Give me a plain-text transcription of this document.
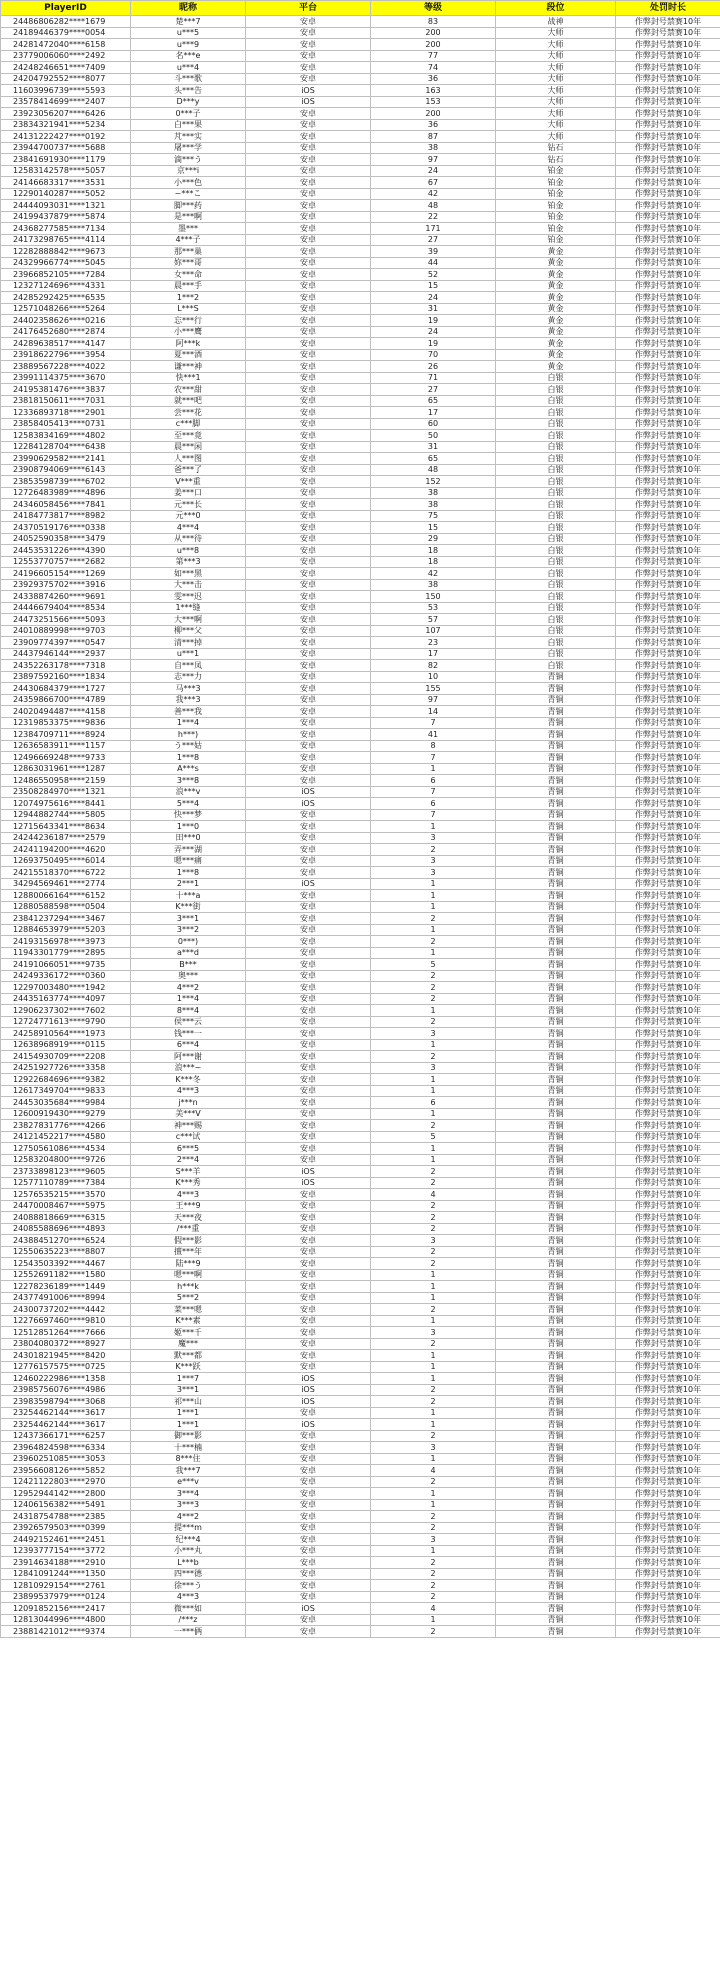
PlayerID	昵称	平台	等级	段位	处罚时长
24486806282****1679	楚***7	安卓	83	战神	作弊封号禁赛10年
24189446379****0054	u***5	安卓	200	大师	作弊封号禁赛10年
24281472040****6158	u***9	安卓	200	大师	作弊封号禁赛10年
23779006060****2492	名***e	安卓	77	大师	作弊封号禁赛10年
24248246651****7409	u***4	安卓	74	大师	作弊封号禁赛10年
24204792552****8077	斗***歌	安卓	36	大师	作弊封号禁赛10年
11603996739****5593	头***告	iOS	163	大师	作弊封号禁赛10年
23578414699****2407	D***y	iOS	153	大师	作弊封号禁赛10年
23923056207****6426	0***子	安卓	200	大师	作弊封号禁赛10年
23834321941****5234	白***果	安卓	36	大师	作弊封号禁赛10年
24131222427****0192	芃***实	安卓	87	大师	作弊封号禁赛10年
23944700737****5688	屠***学	安卓	38	钻石	作弊封号禁赛10年
23841691930****1179	滴***う	安卓	97	钻石	作弊封号禁赛10年
12583142578****5057	京***i	安卓	24	铂金	作弊封号禁赛10年
24146683317****3531	小***色	安卓	67	铂金	作弊封号禁赛10年
12290140287****5052	~***こ	安卓	42	铂金	作弊封号禁赛10年
24444093031****1321	脚***药	安卓	48	铂金	作弊封号禁赛10年
24199437879****5874	是***啊	安卓	22	铂金	作弊封号禁赛10年
24368277585****7134	墨***	安卓	171	铂金	作弊封号禁赛10年
24173298765****4114	4***子	安卓	27	铂金	作弊封号禁赛10年
12282888842****9673	那***巢	安卓	39	黄金	作弊封号禁赛10年
24329966774****5045	妳***哥	安卓	44	黄金	作弊封号禁赛10年
23966852105****7284	女***命	安卓	52	黄金	作弊封号禁赛10年
12327124696****4331	晨***手	安卓	15	黄金	作弊封号禁赛10年
24285292425****6535	1***2	安卓	24	黄金	作弊封号禁赛10年
12571048266****5264	L***S	安卓	31	黄金	作弊封号禁赛10年
24402358626****0216	忘***行	安卓	19	黄金	作弊封号禁赛10年
24176452680****2874	小***鹰	安卓	24	黄金	作弊封号禁赛10年
24289638517****4147	阿***k	安卓	19	黄金	作弊封号禁赛10年
23918622796****3954	夏***酒	安卓	70	黄金	作弊封号禁赛10年
23889567228****4022	谦***神	安卓	26	黄金	作弊封号禁赛10年
23991114375****3670	快***1	安卓	71	白银	作弊封号禁赛10年
24195381476****3837	农***甜	安卓	27	白银	作弊封号禁赛10年
23818150611****7031	就***吧	安卓	65	白银	作弊封号禁赛10年
12336893718****2901	尝***花	安卓	17	白银	作弊封号禁赛10年
23858405413****0731	c***脚	安卓	60	白银	作弊封号禁赛10年
12583834169****4802	至***竟	安卓	50	白银	作弊封号禁赛10年
12284128704****6438	晨***闲	安卓	31	白银	作弊封号禁赛10年
23990629582****2141	人***图	安卓	65	白银	作弊封号禁赛10年
23908794069****6143	爸***了	安卓	48	白银	作弊封号禁赛10年
23853598739****6702	V***重	安卓	152	白银	作弊封号禁赛10年
12726483989****4896	姜***口	安卓	38	白银	作弊封号禁赛10年
24346058456****7841	元***长	安卓	38	白银	作弊封号禁赛10年
24184773817****8982	元***0	安卓	75	白银	作弊封号禁赛10年
24370519176****0338	4***4	安卓	15	白银	作弊封号禁赛10年
24052590358****3479	从***待	安卓	29	白银	作弊封号禁赛10年
24453531226****4390	u***8	安卓	18	白银	作弊封号禁赛10年
12553770757****2682	第***3	安卓	18	白银	作弊封号禁赛10年
24196605154****1269	如***黑	安卓	42	白银	作弊封号禁赛10年
23929375702****3916	大***击	安卓	38	白银	作弊封号禁赛10年
24338874260****9691	雯***迟	安卓	150	白银	作弊封号禁赛10年
24446679404****8534	1***缝	安卓	53	白银	作弊封号禁赛10年
24473251566****5093	大***啊	安卓	57	白银	作弊封号禁赛10年
24010889998****9703	柳***父	安卓	107	白银	作弊封号禁赛10年
23909774397****0547	清***掉	安卓	23	白银	作弊封号禁赛10年
24437946144****2937	u***1	安卓	17	白银	作弊封号禁赛10年
24352263178****7318	自***凤	安卓	82	白银	作弊封号禁赛10年
23897592160****1834	志***力	安卓	10	青铜	作弊封号禁赛10年
24430684379****1727	马***3	安卓	155	青铜	作弊封号禁赛10年
24359866700****4789	我***3	安卓	97	青铜	作弊封号禁赛10年
24020494487****4158	善***我	安卓	14	青铜	作弊封号禁赛10年
12319853375****9836	1***4	安卓	7	青铜	作弊封号禁赛10年
12384709711****8924	h***)	安卓	41	青铜	作弊封号禁赛10年
12636583911****1157	う***姑	安卓	8	青铜	作弊封号禁赛10年
12496669248****9733	1***8	安卓	7	青铜	作弊封号禁赛10年
12863031961****1287	A***s	安卓	1	青铜	作弊封号禁赛10年
12486550958****2159	3***8	安卓	6	青铜	作弊封号禁赛10年
23508284970****1321	浪***v	iOS	7	青铜	作弊封号禁赛10年
12074975616****8441	5***4	iOS	6	青铜	作弊封号禁赛10年
12944882744****5805	快***梦	安卓	7	青铜	作弊封号禁赛10年
12715643341****8634	1***0	安卓	1	青铜	作弊封号禁赛10年
24244236187****2579	田***0	安卓	3	青铜	作弊封号禁赛10年
24241194200****4620	弄***湖	安卓	2	青铜	作弊封号禁赛10年
12693750495****6014	嗯***痛	安卓	3	青铜	作弊封号禁赛10年
24215518370****6722	1***8	安卓	3	青铜	作弊封号禁赛10年
34294569461****2774	2***1	iOS	1	青铜	作弊封号禁赛10年
12880066164****6152	十***a	安卓	1	青铜	作弊封号禁赛10年
12880588598****0504	K***街	安卓	1	青铜	作弊封号禁赛10年
23841237294****3467	3***1	安卓	2	青铜	作弊封号禁赛10年
12884653979****5203	3***2	安卓	1	青铜	作弊封号禁赛10年
24193156978****3973	0***)	安卓	2	青铜	作弊封号禁赛10年
11943301779****2895	a***d	安卓	1	青铜	作弊封号禁赛10年
24191066051****9735	B***	安卓	5	青铜	作弊封号禁赛10年
24249336172****0360	奥***	安卓	2	青铜	作弊封号禁赛10年
12297003480****1942	4***2	安卓	2	青铜	作弊封号禁赛10年
24435163774****4097	1***4	安卓	2	青铜	作弊封号禁赛10年
12906237302****7602	8***4	安卓	1	青铜	作弊封号禁赛10年
12724771613****9790	侯***云	安卓	2	青铜	作弊封号禁赛10年
24258910564****1973	钱***一	安卓	3	青铜	作弊封号禁赛10年
12638968919****0115	6***4	安卓	1	青铜	作弊封号禁赛10年
24154930709****2208	阿***谢	安卓	2	青铜	作弊封号禁赛10年
24251927726****3358	浪***~	安卓	3	青铜	作弊封号禁赛10年
12922684696****9382	K***冬	安卓	1	青铜	作弊封号禁赛10年
12617349704****9833	4***3	安卓	1	青铜	作弊封号禁赛10年
24453035684****9984	j***n	安卓	6	青铜	作弊封号禁赛10年
12600919430****9279	美***V	安卓	1	青铜	作弊封号禁赛10年
23827831776****4266	神***赐	安卓	2	青铜	作弊封号禁赛10年
24121452217****4580	c***试	安卓	5	青铜	作弊封号禁赛10年
12750561086****4534	6***5	安卓	1	青铜	作弊封号禁赛10年
12583204800****9726	2***4	安卓	1	青铜	作弊封号禁赛10年
23733898123****9605	S***羊	iOS	2	青铜	作弊封号禁赛10年
12577110789****7384	K***秀	iOS	2	青铜	作弊封号禁赛10年
12576535215****3570	4***3	安卓	4	青铜	作弊封号禁赛10年
24470008467****5975	王***9	安卓	2	青铜	作弊封号禁赛10年
24088818669****6315	天***夜	安卓	2	青铜	作弊封号禁赛10年
24085588696****4893	/***重	安卓	2	青铜	作弊封号禁赛10年
24388451270****6524	假***影	安卓	3	青铜	作弊封号禁赛10年
12550635223****8807	擅***年	安卓	2	青铜	作弊封号禁赛10年
12543503392****4467	陆***9	安卓	2	青铜	作弊封号禁赛10年
12552691182****1580	嗯***啊	安卓	1	青铜	作弊封号禁赛10年
12278236189****1449	h***k	安卓	1	青铜	作弊封号禁赛10年
24377491006****8994	5***2	安卓	1	青铜	作弊封号禁赛10年
24300737202****4442	菜***嗯	安卓	2	青铜	作弊封号禁赛10年
12276697460****9810	K***素	安卓	1	青铜	作弊封号禁赛10年
12512851264****7666	姬***千	安卓	3	青铜	作弊封号禁赛10年
23804080372****8927	魔***	安卓	2	青铜	作弊封号禁赛10年
24301821945****8420	默***都	安卓	1	青铜	作弊封号禁赛10年
12776157575****0725	K***跃	安卓	1	青铜	作弊封号禁赛10年
12460222986****1358	1***7	iOS	1	青铜	作弊封号禁赛10年
23985756076****4986	3***1	iOS	2	青铜	作弊封号禁赛10年
23983598794****3068	祁***山	iOS	2	青铜	作弊封号禁赛10年
23254462144****3617	1***1	安卓	1	青铜	作弊封号禁赛10年
23254462144****3617	1***1	iOS	1	青铜	作弊封号禁赛10年
12437366171****6257	御***影	安卓	2	青铜	作弊封号禁赛10年
23964824598****6334	十***楠	安卓	3	青铜	作弊封号禁赛10年
23960251085****3053	8***住	安卓	1	青铜	作弊封号禁赛10年
23956608126****5852	我***7	安卓	4	青铜	作弊封号禁赛10年
12421122803****2970	e***v	安卓	2	青铜	作弊封号禁赛10年
12952944142****2800	3***4	安卓	1	青铜	作弊封号禁赛10年
12406156382****5491	3***3	安卓	1	青铜	作弊封号禁赛10年
24318754788****2385	4***2	安卓	2	青铜	作弊封号禁赛10年
23926579503****0399	提***m	安卓	2	青铜	作弊封号禁赛10年
24492152461****2451	纪***4	安卓	3	青铜	作弊封号禁赛10年
12393777154****3772	小***丸	安卓	1	青铜	作弊封号禁赛10年
23914634188****2910	L***b	安卓	2	青铜	作弊封号禁赛10年
12841091244****1350	四***德	安卓	2	青铜	作弊封号禁赛10年
12810929154****2761	徐***う	安卓	2	青铜	作弊封号禁赛10年
23899537979****0124	4***3	安卓	2	青铜	作弊封号禁赛10年
12091852156****2417	微***如	iOS	4	青铜	作弊封号禁赛10年
12813044996****4800	/***z	安卓	1	青铜	作弊封号禁赛10年
23881421012****9374	一***俩	安卓	2	青铜	作弊封号禁赛10年
